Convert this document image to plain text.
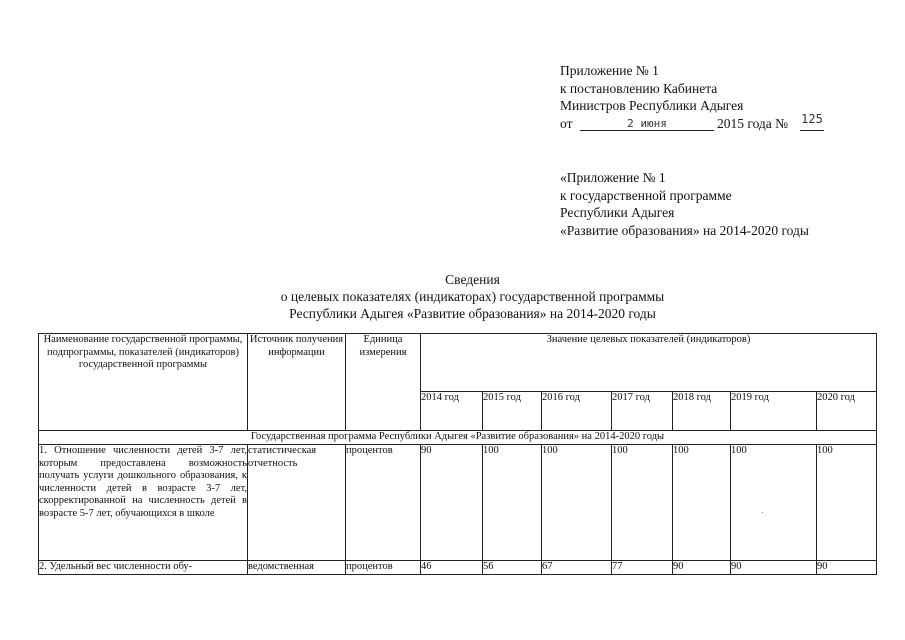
Приложение № 1
к постановлению Кабинета
Министров Республики Адыгея
от	2 июня	2015 года № 125
«Приложение № 1
к государственной программе
Республики Адыгея
«Развитие образования» на 2014-2020 годы
Сведения
о целевых показателях (индикаторах) государственной программы
Республики Адыгея «Развитие образования» на 2014-2020 годы
Наименование государственной программы, подпрограммы, показателей (индикаторов) государственной программы	Источник получения информации	Единица измерения	Значение целевых показателей (индикаторов)						
			2014 год	2015 год	2016 год	2017 год	2018 год	2019 год	2020 год
Государственная программа Республики Адыгея «Развитие образования» на 2014-2020 годы									
1. Отношение численности детей 3-7 лет, которым предоставлена возможность получать услуги дошкольного образования, к численности детей в возрасте 3-7 лет, скорректированной на численность детей в возрасте 5-7 лет, обучающихся в школе	статистическая отчетность	процентов	90	100	100	100	100	100	100
2. Удельный вес численности обу-	ведомственная	процентов	46	56	67	77	90	90	90
